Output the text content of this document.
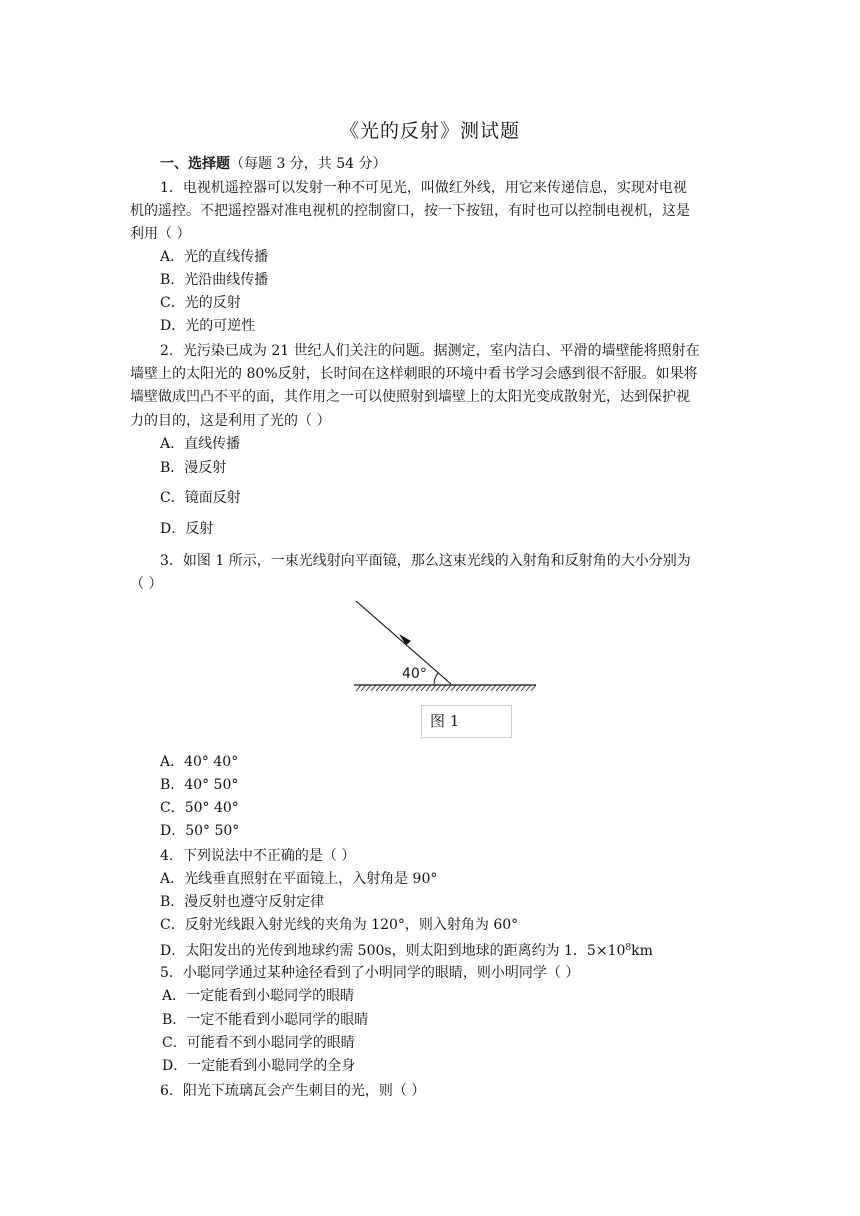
《光的反射》测试题
一、选择题（每题 3 分，共 54 分）
1．电视机遥控器可以发射一种不可见光，叫做红外线，用它来传递信息，实现对电视
机的遥控。不把遥控器对准电视机的控制窗口，按一下按钮，有时也可以控制电视机，这是
利用（ ）
A．光的直线传播
B．光沿曲线传播
C．光的反射
D．光的可逆性
2．光污染已成为 21 世纪人们关注的问题。据测定，室内洁白、平滑的墙壁能将照射在
墙壁上的太阳光的 80%反射，长时间在这样刺眼的环境中看书学习会感到很不舒服。如果将
墙壁做成凹凸不平的面，其作用之一可以使照射到墙壁上的太阳光变成散射光，达到保护视
力的目的，这是利用了光的（ ）
A．直线传播
B．漫反射
C．镜面反射
D．反射
3．如图 1 所示，一束光线射向平面镜，那么这束光线的入射角和反射角的大小分别为
（ ）
40°
图 1
A．40° 40°
B．40° 50°
C．50° 40°
D．50° 50°
4．下列说法中不正确的是（ ）
A．光线垂直照射在平面镜上，入射角是 90°
B．漫反射也遵守反射定律
C．反射光线跟入射光线的夹角为 120°，则入射角为 60°
D．太阳发出的光传到地球约需 500s，则太阳到地球的距离约为 1．$5\times 10^8km$
5．小聪同学通过某种途径看到了小明同学的眼睛，则小明同学（ ）
A．一定能看到小聪同学的眼睛
B．一定不能看到小聪同学的眼睛
C．可能看不到小聪同学的眼睛
D．一定能看到小聪同学的全身
6．阳光下琉璃瓦会产生刺目的光，则（ ）
